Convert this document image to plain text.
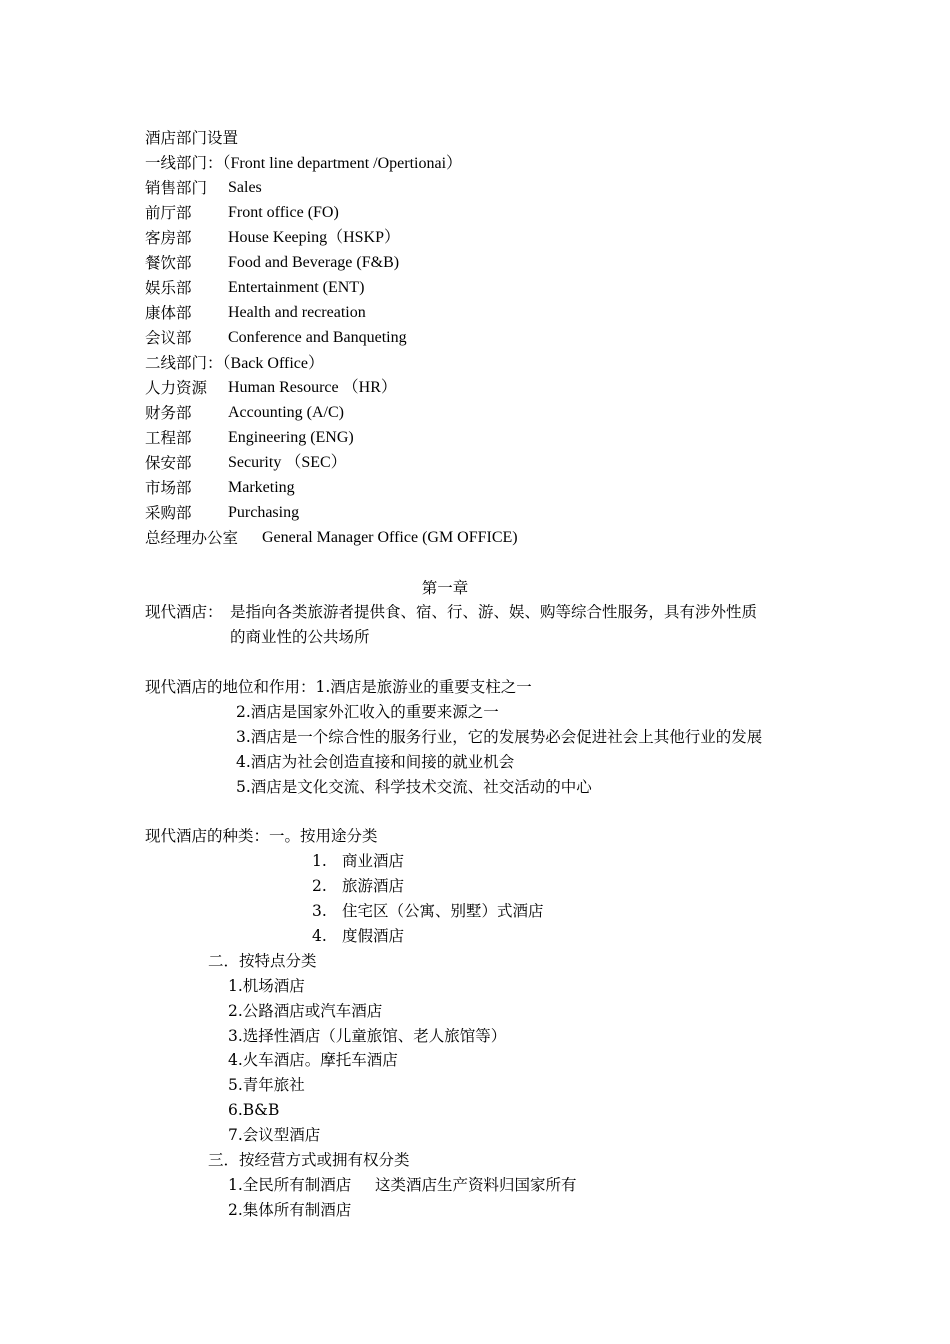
酒店部门设置
一线部门：（Front line department /Opertionai）
销售部门 Sales
前厅部 Front office (FO)
客房部 House Keeping（HSKP）
餐饮部 Food and Beverage (F&B)
娱乐部 Entertainment (ENT)
康体部 Health and recreation
会议部 Conference and Banqueting
二线部门：（Back Office）
人力资源 Human Resource （HR）
财务部 Accounting (A/C)
工程部 Engineering (ENG)
保安部 Security （SEC）
市场部 Marketing
采购部 Purchasing
总经理办公室 General Manager Office (GM OFFICE)
第一章
现代酒店： 是指向各类旅游者提供食、宿、行、游、娱、购等综合性服务，具有涉外性质
的商业性的公共场所
现代酒店的地位和作用：1.酒店是旅游业的重要支柱之一
2.酒店是国家外汇收入的重要来源之一
3.酒店是一个综合性的服务行业，它的发展势必会促进社会上其他行业的发展
4.酒店为社会创造直接和间接的就业机会
5.酒店是文化交流、科学技术交流、社交活动的中心
现代酒店的种类：一。按用途分类
1. 商业酒店
2. 旅游酒店
3. 住宅区（公寓、别墅）式酒店
4. 度假酒店
二．按特点分类
1.机场酒店
2.公路酒店或汽车酒店
3.选择性酒店（儿童旅馆、老人旅馆等）
4.火车酒店。摩托车酒店
5.青年旅社
6.B&B
7.会议型酒店
三．按经营方式或拥有权分类
1.全民所有制酒店 这类酒店生产资料归国家所有
2.集体所有制酒店
